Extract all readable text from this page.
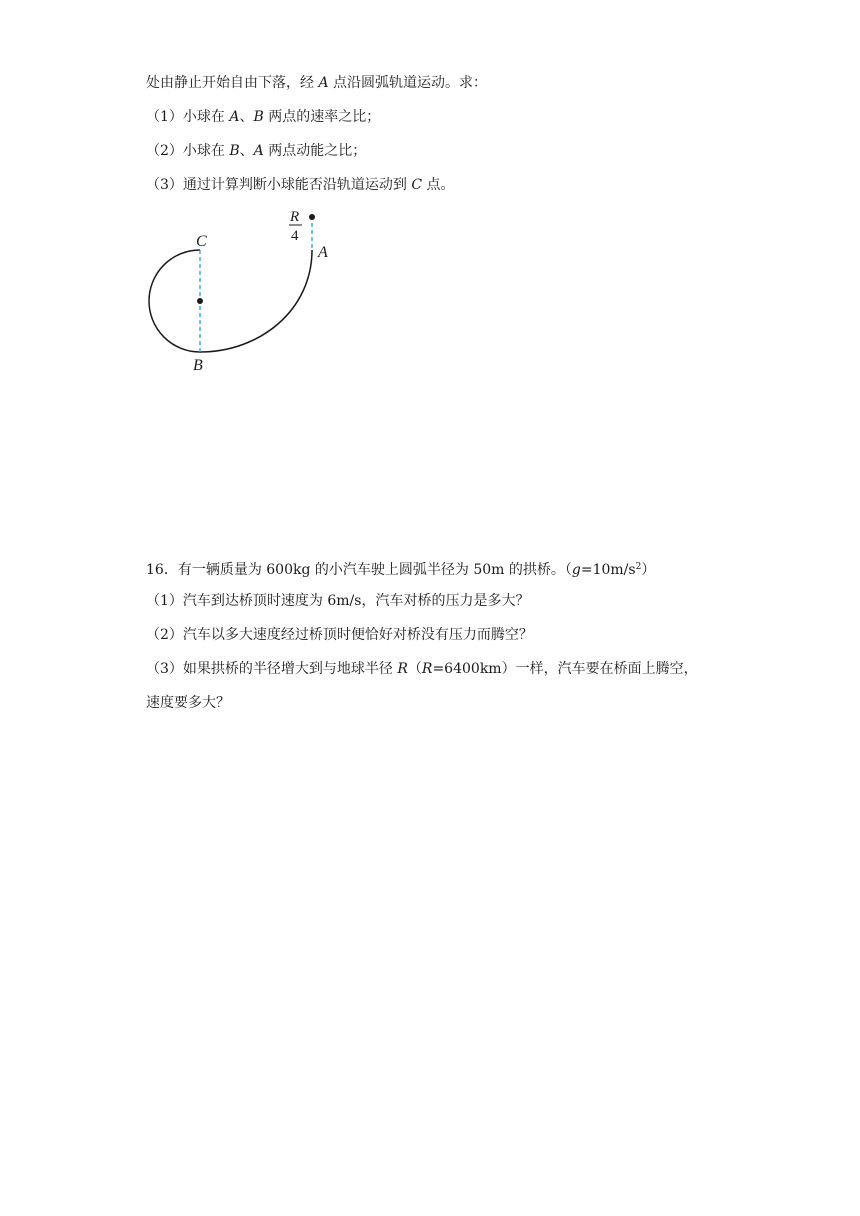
处由静止开始自由下落，经 A 点沿圆弧轨道运动。求：
（1）小球在 A、B 两点的速率之比；
（2）小球在 B、A 两点动能之比；
（3）通过计算判断小球能否沿轨道运动到 C 点。
C
A
B
R
4
16．有一辆质量为 600kg 的小汽车驶上圆弧半径为 50m 的拱桥。$(g=10m/s^2)$
（1）汽车到达桥顶时速度为 6m/s，汽车对桥的压力是多大？
（2）汽车以多大速度经过桥顶时便恰好对桥没有压力而腾空？
（3）如果拱桥的半径增大到与地球半径 R（R=6400km）一样，汽车要在桥面上腾空，
速度要多大？
